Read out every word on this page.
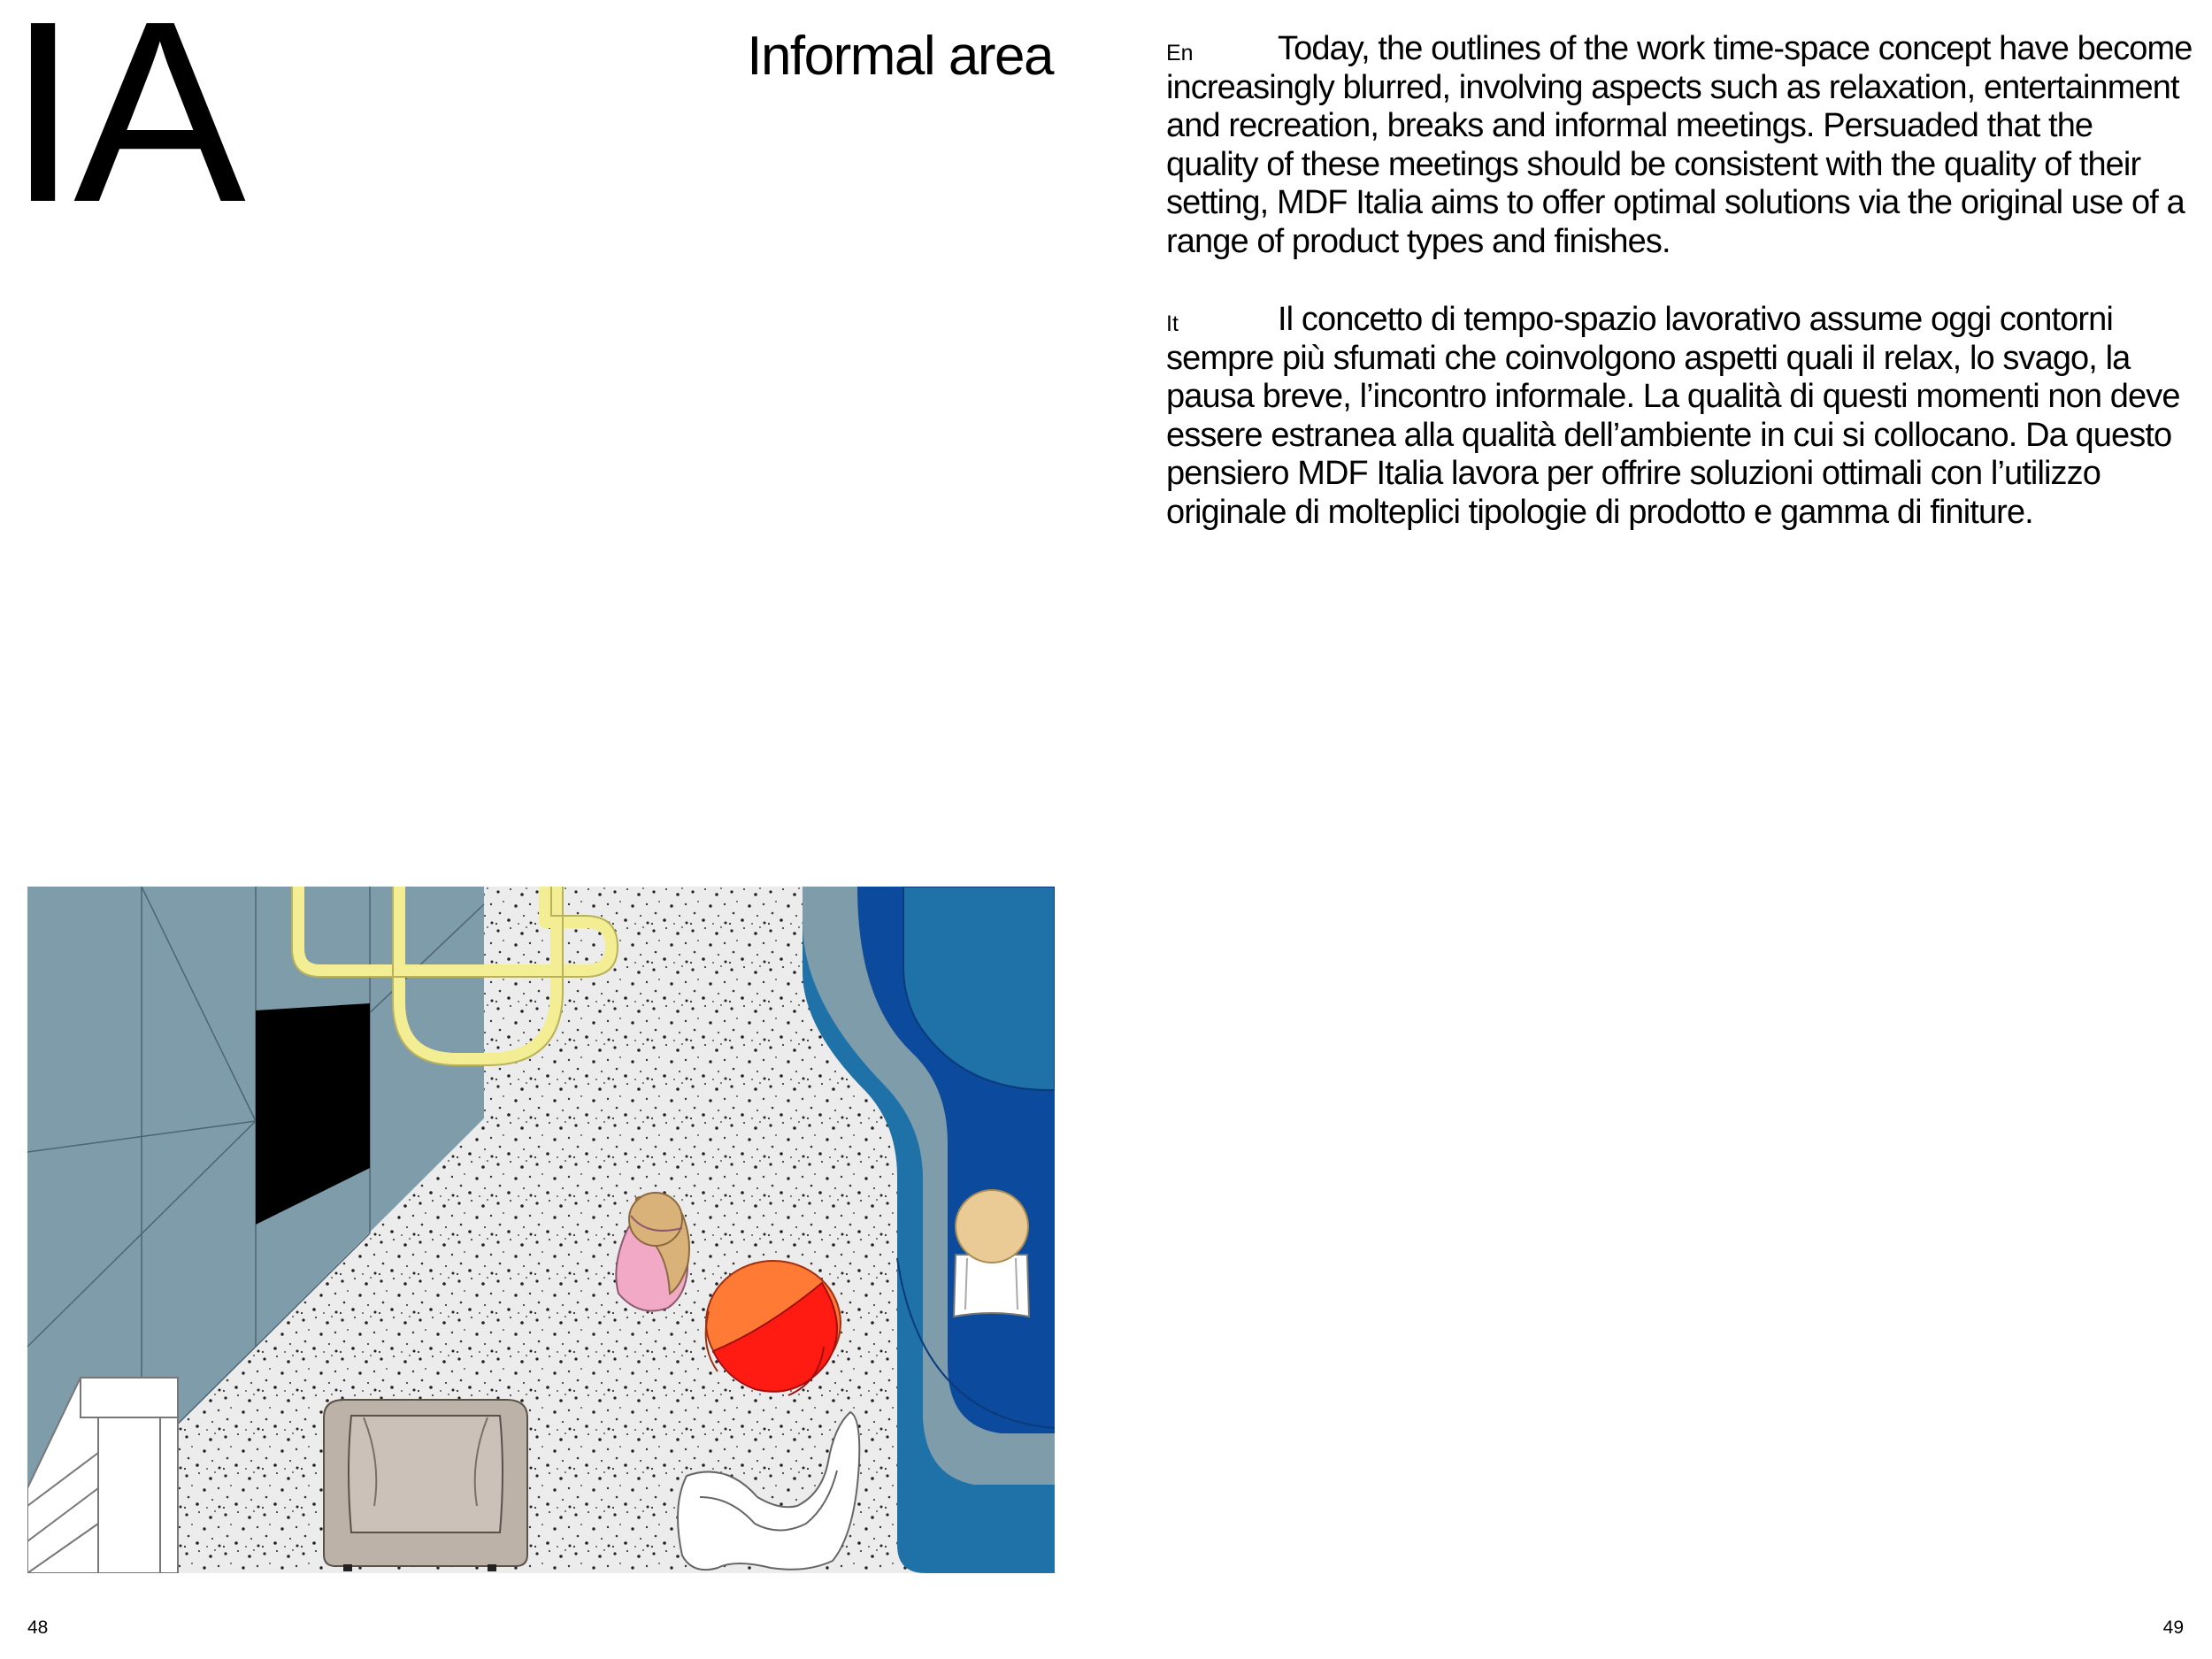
IA	Informal area	En	Today, the outlines of the work time-space concept have become increasingly blurred, involving aspects such as relaxation, entertainment and recreation, breaks and informal meetings. Persuaded that the quality of these meetings should be consistent with the quality of their setting, MDF Italia aims to offer optimal solutions via the original use of a range of product types and finishes.

It	Il concetto di tempo-spazio lavorativo assume oggi contorni sempre più sfumati che coinvolgono aspetti quali il relax, lo svago, la pausa breve, l’incontro informale. La qualità di questi momenti non deve essere estranea alla qualità dell’ambiente in cui si collocano. Da questo pensiero MDF Italia lavora per offrire soluzioni ottimali con l’utilizzo originale di molteplici tipologie di prodotto e gamma di finiture.

48	49
